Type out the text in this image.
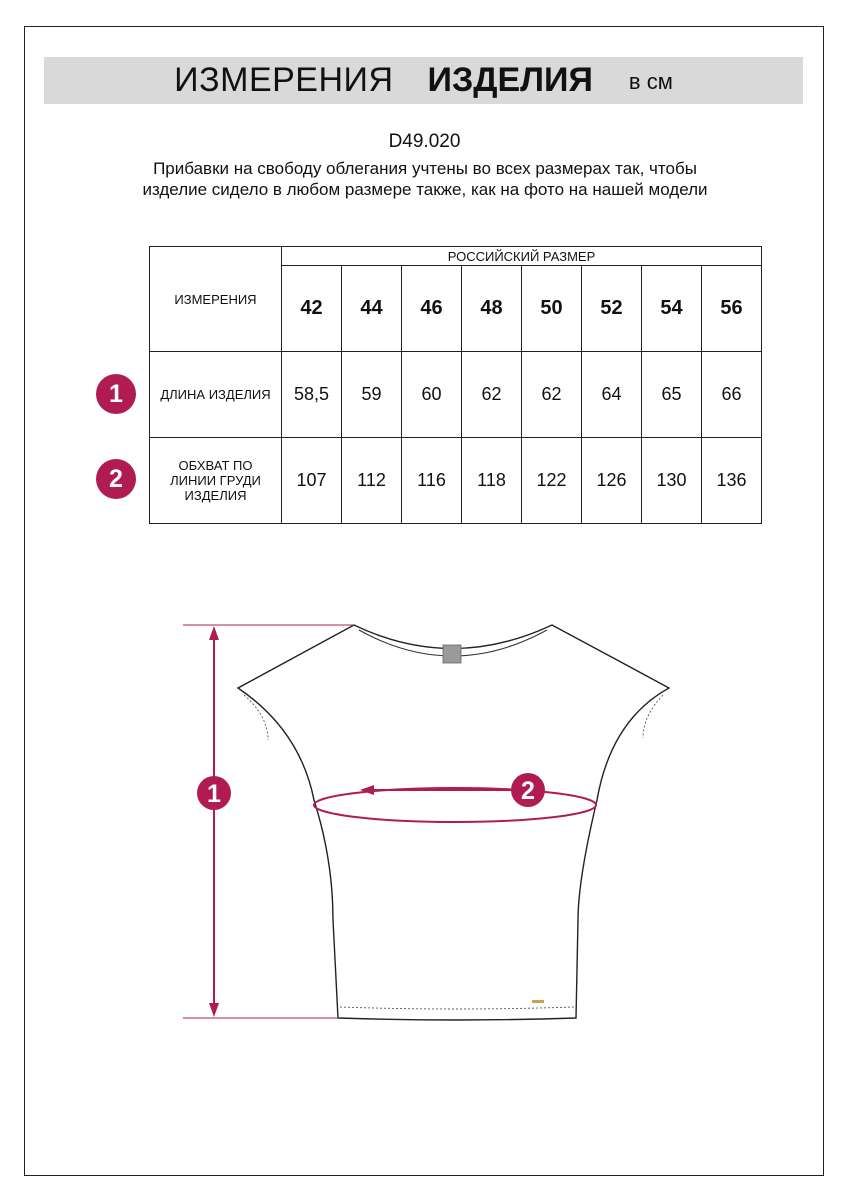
ИЗМЕРЕНИЯ ИЗДЕЛИЯ в см
D49.020
Прибавки на свободу облегания учтены во всех размерах так, чтобы изделие сидело в любом размере также, как на фото на нашей модели
ИЗМЕРЕНИЯ	РОССИЙСКИЙ РАЗМЕР							
	42	44	46	48	50	52	54	56
ДЛИНА ИЗДЕЛИЯ	58,5	59	60	62	62	64	65	66
ОБХВАТ ПО ЛИНИИ ГРУДИ ИЗДЕЛИЯ	107	112	116	118	122	126	130	136
1
2
1	2
